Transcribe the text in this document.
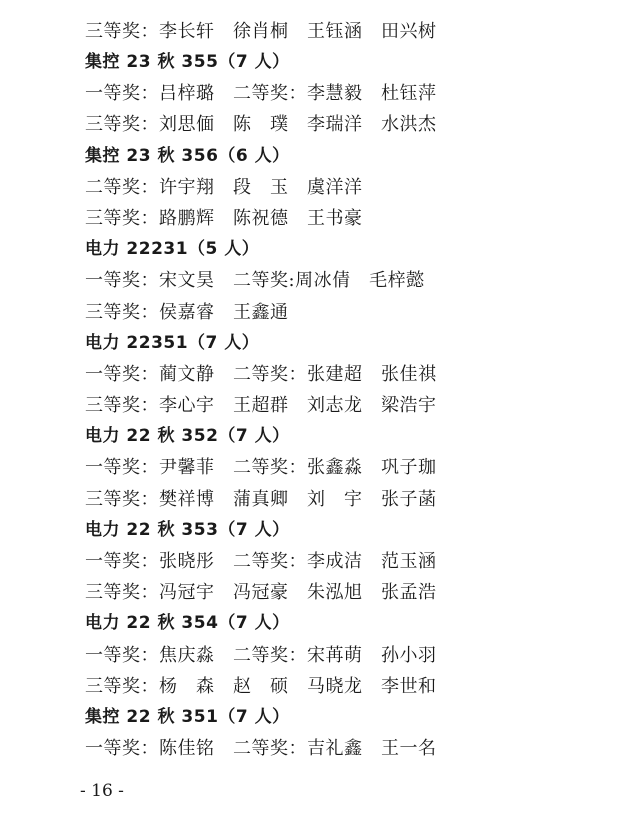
三等奖：李长轩　徐肖桐　王钰涵　田兴树
集控 23 秋 355（7 人）
一等奖：吕梓璐　二等奖：李慧毅　杜钰萍
三等奖：刘思偭　陈　璞　李瑞洋　水洪杰
集控 23 秋 356（6 人）
二等奖：许宇翔　段　玉　虞洋洋
三等奖：路鹏辉　陈祝德　王书豪
电力 22231（5 人）
一等奖：宋文昊　二等奖:周冰倩　毛梓懿
三等奖：侯嘉睿　王鑫通
电力 22351（7 人）
一等奖：蔺文静　二等奖：张建超　张佳祺
三等奖：李心宇　王超群　刘志龙　梁浩宇
电力 22 秋 352（7 人）
一等奖：尹馨菲　二等奖：张鑫淼　巩子珈
三等奖：樊祥博　蒲真卿　刘　宇　张子菡
电力 22 秋 353（7 人）
一等奖：张晓彤　二等奖：李成洁　范玉涵
三等奖：冯冠宇　冯冠豪　朱泓旭　张孟浩
电力 22 秋 354（7 人）
一等奖：焦庆淼　二等奖：宋苒萌　孙小羽
三等奖：杨　森　赵　硕　马晓龙　李世和
集控 22 秋 351（7 人）
一等奖：陈佳铭　二等奖：吉礼鑫　王一名
- 16 -
